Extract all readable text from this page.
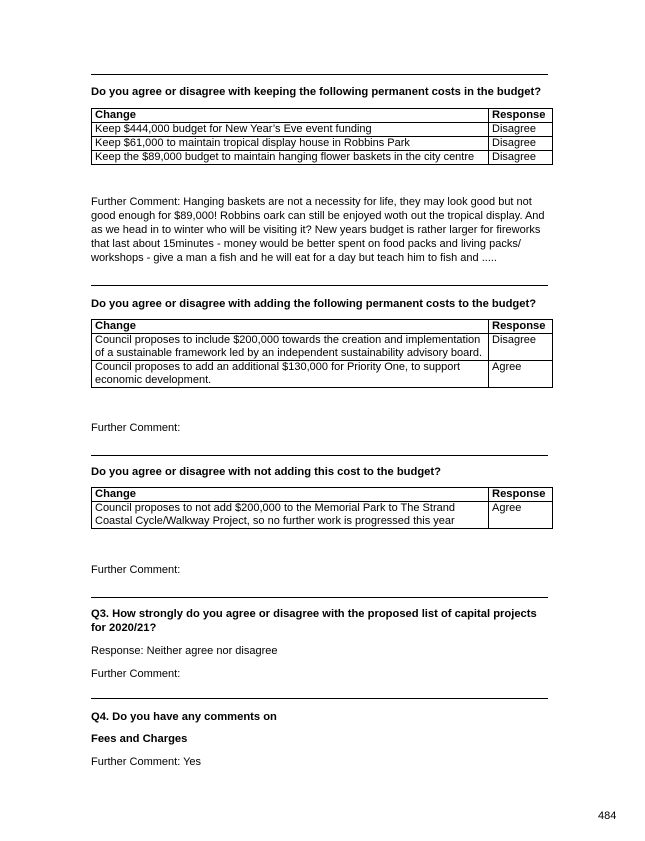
Do you agree or disagree with keeping the following permanent costs in the budget?
Change	Response
Keep $444,000 budget for New Year’s Eve event funding	Disagree
Keep $61,000 to maintain tropical display house in Robbins Park	Disagree
Keep the $89,000 budget to maintain hanging flower baskets in the city centre	Disagree
Further Comment: Hanging baskets are not a necessity for life, they may look good but not good enough for $89,000! Robbins oark can still be enjoyed woth out the tropical display. And as we head in to winter who will be visiting it? New years budget is rather larger for fireworks that last about 15minutes - money would be better spent on food packs and living packs/ workshops - give a man a fish and he will eat for a day but teach him to fish and .....
Do you agree or disagree with adding the following permanent costs to the budget?
Change	Response
Council proposes to include $200,000 towards the creation and implementation of a sustainable framework led by an independent sustainability advisory board.	Disagree
Council proposes to add an additional $130,000 for Priority One, to support economic development.	Agree
Further Comment:
Do you agree or disagree with not adding this cost to the budget?
Change	Response
Council proposes to not add $200,000 to the Memorial Park to The Strand Coastal Cycle/Walkway Project, so no further work is progressed this year	Agree
Further Comment:
Q3. How strongly do you agree or disagree with the proposed list of capital projects for 2020/21?
Response: Neither agree nor disagree
Further Comment:
Q4. Do you have any comments on
Fees and Charges
Further Comment: Yes
484
